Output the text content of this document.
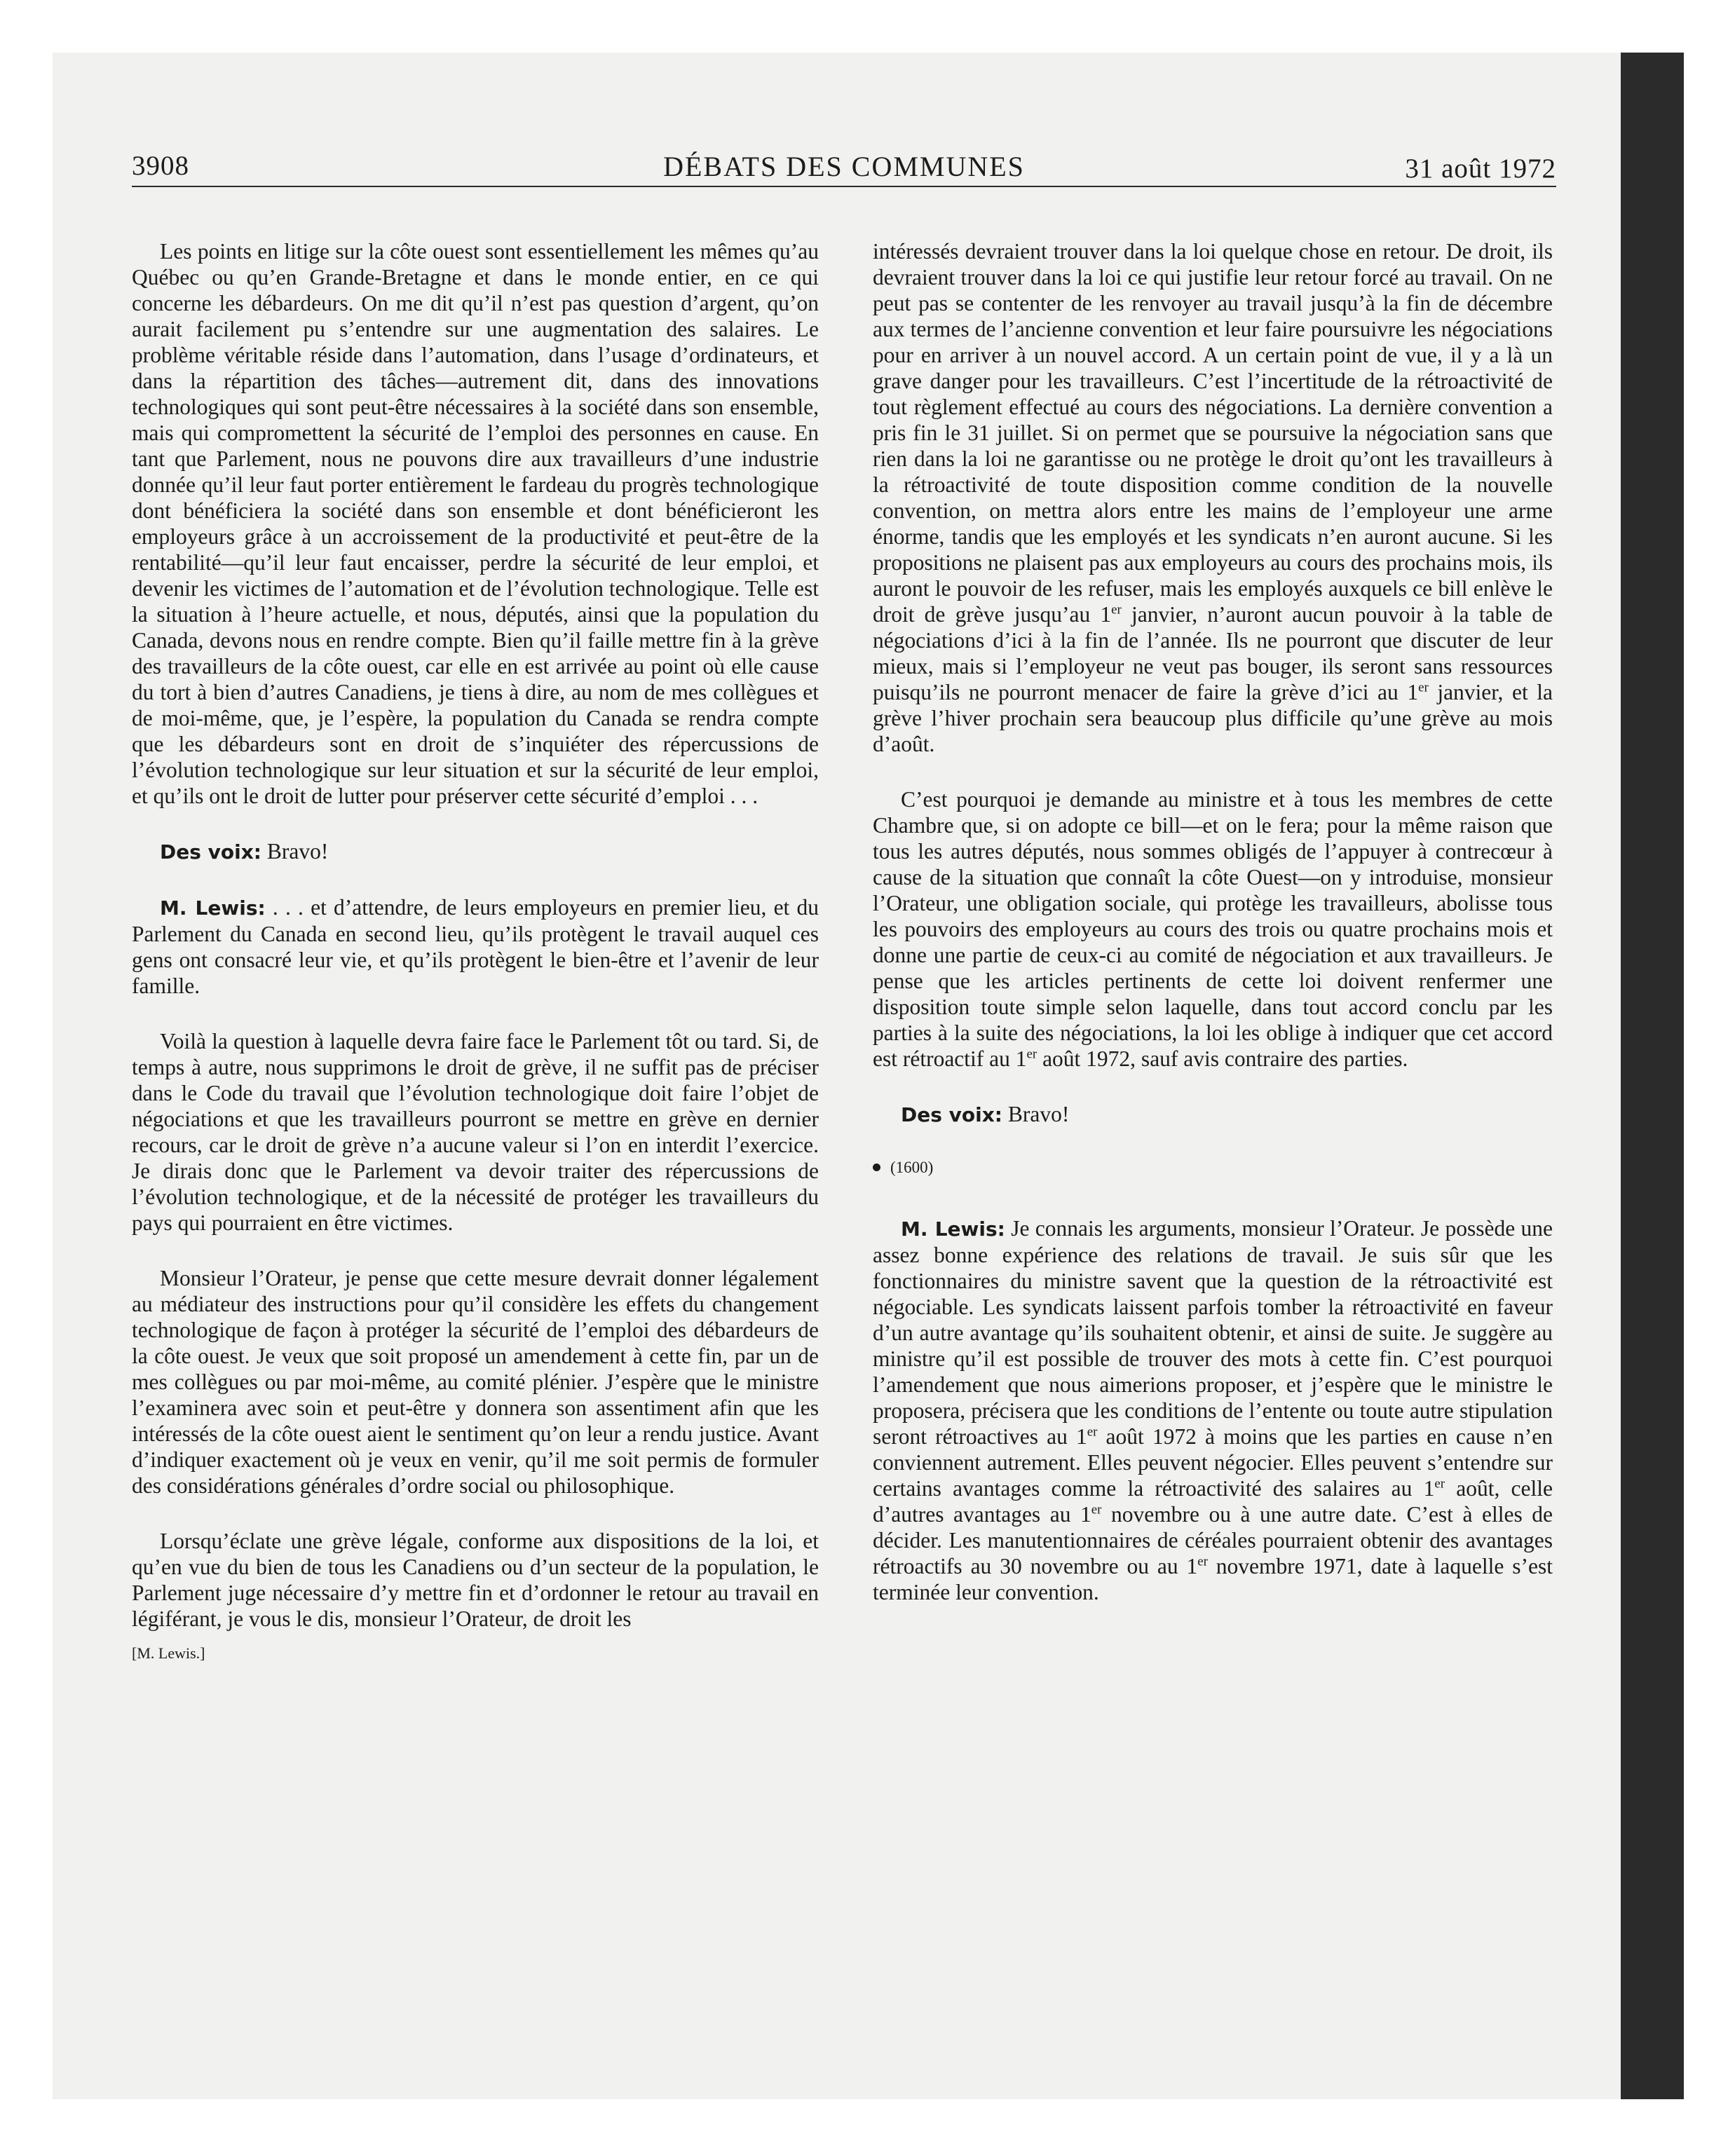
3908	DÉBATS DES COMMUNES	31 août 1972

Les points en litige sur la côte ouest sont essentiellement les mêmes qu’au Québec ou qu’en Grande-Bretagne et dans le monde entier, en ce qui concerne les débardeurs. On me dit qu’il n’est pas question d’argent, qu’on aurait facilement pu s’entendre sur une augmentation des salaires. Le problème véritable réside dans l’automation, dans l’usage d’ordinateurs, et dans la répartition des tâches—autrement dit, dans des innovations technologiques qui sont peut-être nécessaires à la société dans son ensemble, mais qui compromettent la sécurité de l’emploi des personnes en cause. En tant que Parlement, nous ne pouvons dire aux travailleurs d’une industrie donnée qu’il leur faut porter entièrement le fardeau du progrès technologique dont bénéficiera la société dans son ensemble et dont bénéficieront les employeurs grâce à un accroissement de la productivité et peut-être de la rentabilité—qu’il leur faut encaisser, perdre la sécurité de leur emploi, et devenir les victimes de l’automation et de l’évolution technologique. Telle est la situation à l’heure actuelle, et nous, députés, ainsi que la population du Canada, devons nous en rendre compte. Bien qu’il faille mettre fin à la grève des travailleurs de la côte ouest, car elle en est arrivée au point où elle cause du tort à bien d’autres Canadiens, je tiens à dire, au nom de mes collègues et de moi-même, que, je l’espère, la population du Canada se rendra compte que les débardeurs sont en droit de s’inquiéter des répercussions de l’évolution technologique sur leur situation et sur la sécurité de leur emploi, et qu’ils ont le droit de lutter pour préserver cette sécurité d’emploi . . .

Des voix: Bravo!

M. Lewis: . . . et d’attendre, de leurs employeurs en premier lieu, et du Parlement du Canada en second lieu, qu’ils protègent le travail auquel ces gens ont consacré leur vie, et qu’ils protègent le bien-être et l’avenir de leur famille.

Voilà la question à laquelle devra faire face le Parlement tôt ou tard. Si, de temps à autre, nous supprimons le droit de grève, il ne suffit pas de préciser dans le Code du travail que l’évolution technologique doit faire l’objet de négociations et que les travailleurs pourront se mettre en grève en dernier recours, car le droit de grève n’a aucune valeur si l’on en interdit l’exercice. Je dirais donc que le Parlement va devoir traiter des répercussions de l’évolution technologique, et de la nécessité de protéger les travailleurs du pays qui pourraient en être victimes.

Monsieur l’Orateur, je pense que cette mesure devrait donner légalement au médiateur des instructions pour qu’il considère les effets du changement technologique de façon à protéger la sécurité de l’emploi des débardeurs de la côte ouest. Je veux que soit proposé un amendement à cette fin, par un de mes collègues ou par moi-même, au comité plénier. J’espère que le ministre l’examinera avec soin et peut-être y donnera son assentiment afin que les intéressés de la côte ouest aient le sentiment qu’on leur a rendu justice. Avant d’indiquer exactement où je veux en venir, qu’il me soit permis de formuler des considérations générales d’ordre social ou philosophique.

Lorsqu’éclate une grève légale, conforme aux dispositions de la loi, et qu’en vue du bien de tous les Canadiens ou d’un secteur de la population, le Parlement juge nécessaire d’y mettre fin et d’ordonner le retour au travail en légiférant, je vous le dis, monsieur l’Orateur, de droit les

[M. Lewis.]

intéressés devraient trouver dans la loi quelque chose en retour. De droit, ils devraient trouver dans la loi ce qui justifie leur retour forcé au travail. On ne peut pas se contenter de les renvoyer au travail jusqu’à la fin de décembre aux termes de l’ancienne convention et leur faire poursuivre les négociations pour en arriver à un nouvel accord. A un certain point de vue, il y a là un grave danger pour les travailleurs. C’est l’incertitude de la rétroactivité de tout règlement effectué au cours des négociations. La dernière convention a pris fin le 31 juillet. Si on permet que se poursuive la négociation sans que rien dans la loi ne garantisse ou ne protège le droit qu’ont les travailleurs à la rétroactivité de toute disposition comme condition de la nouvelle convention, on mettra alors entre les mains de l’employeur une arme énorme, tandis que les employés et les syndicats n’en auront aucune. Si les propositions ne plaisent pas aux employeurs au cours des prochains mois, ils auront le pouvoir de les refuser, mais les employés auxquels ce bill enlève le droit de grève jusqu’au 1er janvier, n’auront aucun pouvoir à la table de négociations d’ici à la fin de l’année. Ils ne pourront que discuter de leur mieux, mais si l’employeur ne veut pas bouger, ils seront sans ressources puisqu’ils ne pourront menacer de faire la grève d’ici au 1er janvier, et la grève l’hiver prochain sera beaucoup plus difficile qu’une grève au mois d’août.

C’est pourquoi je demande au ministre et à tous les membres de cette Chambre que, si on adopte ce bill—et on le fera; pour la même raison que tous les autres députés, nous sommes obligés de l’appuyer à contrecœur à cause de la situation que connaît la côte Ouest—on y introduise, monsieur l’Orateur, une obligation sociale, qui protège les travailleurs, abolisse tous les pouvoirs des employeurs au cours des trois ou quatre prochains mois et donne une partie de ceux-ci au comité de négociation et aux travailleurs. Je pense que les articles pertinents de cette loi doivent renfermer une disposition toute simple selon laquelle, dans tout accord conclu par les parties à la suite des négociations, la loi les oblige à indiquer que cet accord est rétroactif au 1er août 1972, sauf avis contraire des parties.

Des voix: Bravo!

(1600)

M. Lewis: Je connais les arguments, monsieur l’Orateur. Je possède une assez bonne expérience des relations de travail. Je suis sûr que les fonctionnaires du ministre savent que la question de la rétroactivité est négociable. Les syndicats laissent parfois tomber la rétroactivité en faveur d’un autre avantage qu’ils souhaitent obtenir, et ainsi de suite. Je suggère au ministre qu’il est possible de trouver des mots à cette fin. C’est pourquoi l’amendement que nous aimerions proposer, et j’espère que le ministre le proposera, précisera que les conditions de l’entente ou toute autre stipulation seront rétroactives au 1er août 1972 à moins que les parties en cause n’en conviennent autrement. Elles peuvent négocier. Elles peuvent s’entendre sur certains avantages comme la rétroactivité des salaires au 1er août, celle d’autres avantages au 1er novembre ou à une autre date. C’est à elles de décider. Les manutentionnaires de céréales pourraient obtenir des avantages rétroactifs au 30 novembre ou au 1er novembre 1971, date à laquelle s’est terminée leur convention.
